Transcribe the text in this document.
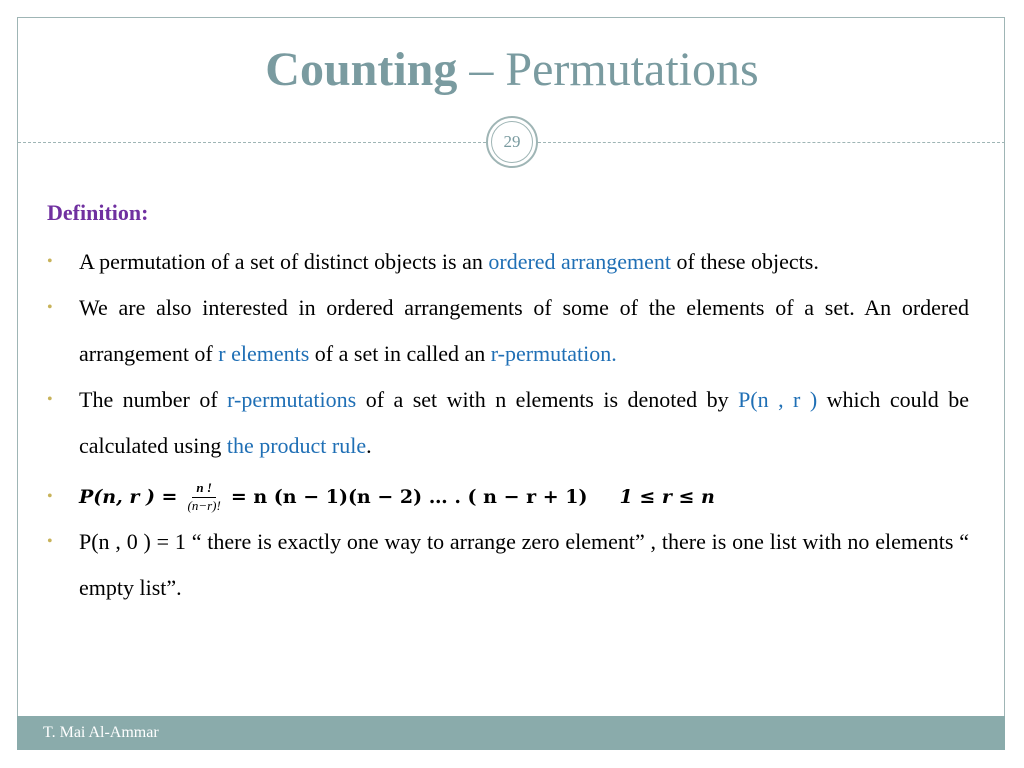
Counting – Permutations
29
Definition:
• A permutation of a set of distinct objects is an ordered arrangement of these objects.
• We are also interested in ordered arrangements of some of the elements of a set. An ordered arrangement of r elements of a set in called an r-permutation.
• The number of r-permutations of a set with n elements is denoted by P(n , r ) which could be calculated using the product rule.
• P(n, r ) = $\frac{n !}{(n-r)!} = n$ (n − 1)(n − 2) … . ( n − r + 1) 1 ≤ r ≤ n
• P(n , 0 ) = 1 “ there is exactly one way to arrange zero element” , there is one list with no elements “ empty list”.
T. Mai Al-Ammar
